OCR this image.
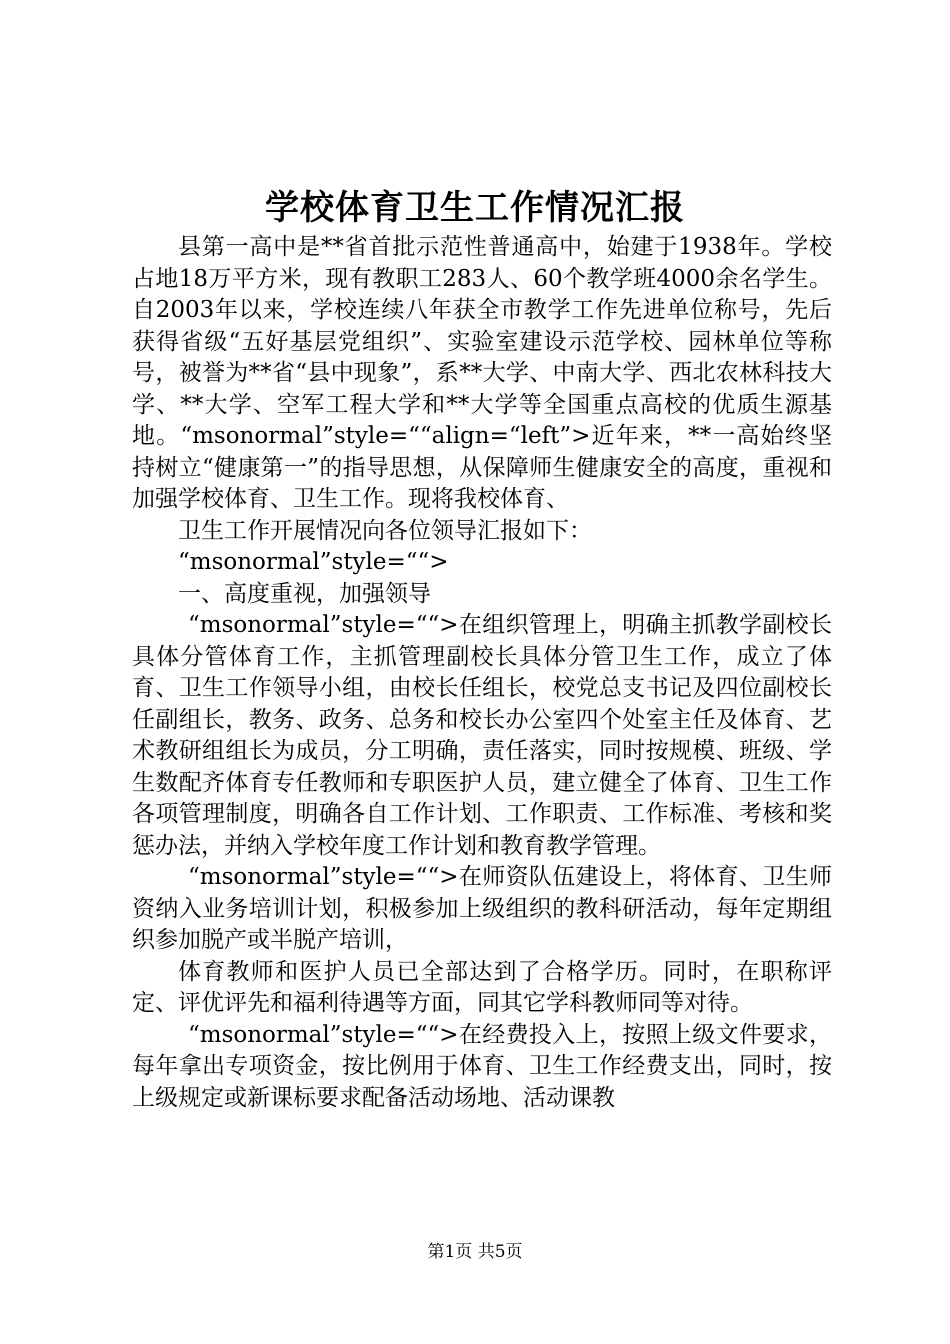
学校体育卫生工作情况汇报

县第一高中是**省首批示范性普通高中，始建于1938年。学校占地18万平方米，现有教职工283人、60个教学班4000余名学生。自2003年以来，学校连续八年获全市教学工作先进单位称号，先后获得省级“五好基层党组织”、实验室建设示范学校、园林单位等称号，被誉为**省“县中现象”，系**大学、中南大学、西北农林科技大学、**大学、空军工程大学和**大学等全国重点高校的优质生源基地。“msonormal”style=““align=“left”>近年来，**一高始终坚持树立“健康第一”的指导思想，从保障师生健康安全的高度，重视和加强学校体育、卫生工作。现将我校体育、

卫生工作开展情况向各位领导汇报如下：

“msonormal”style=““>

一、高度重视，加强领导

“msonormal”style=““>在组织管理上，明确主抓教学副校长具体分管体育工作，主抓管理副校长具体分管卫生工作，成立了体育、卫生工作领导小组，由校长任组长，校党总支书记及四位副校长任副组长，教务、政务、总务和校长办公室四个处室主任及体育、艺术教研组组长为成员，分工明确，责任落实，同时按规模、班级、学生数配齐体育专任教师和专职医护人员，建立健全了体育、卫生工作各项管理制度，明确各自工作计划、工作职责、工作标准、考核和奖惩办法，并纳入学校年度工作计划和教育教学管理。

“msonormal”style=““>在师资队伍建设上，将体育、卫生师资纳入业务培训计划，积极参加上级组织的教科研活动，每年定期组织参加脱产或半脱产培训，

体育教师和医护人员已全部达到了合格学历。同时，在职称评定、评优评先和福利待遇等方面，同其它学科教师同等对待。

“msonormal”style=““>在经费投入上，按照上级文件要求，每年拿出专项资金，按比例用于体育、卫生工作经费支出，同时，按上级规定或新课标要求配备活动场地、活动课教

第1页 共5页
